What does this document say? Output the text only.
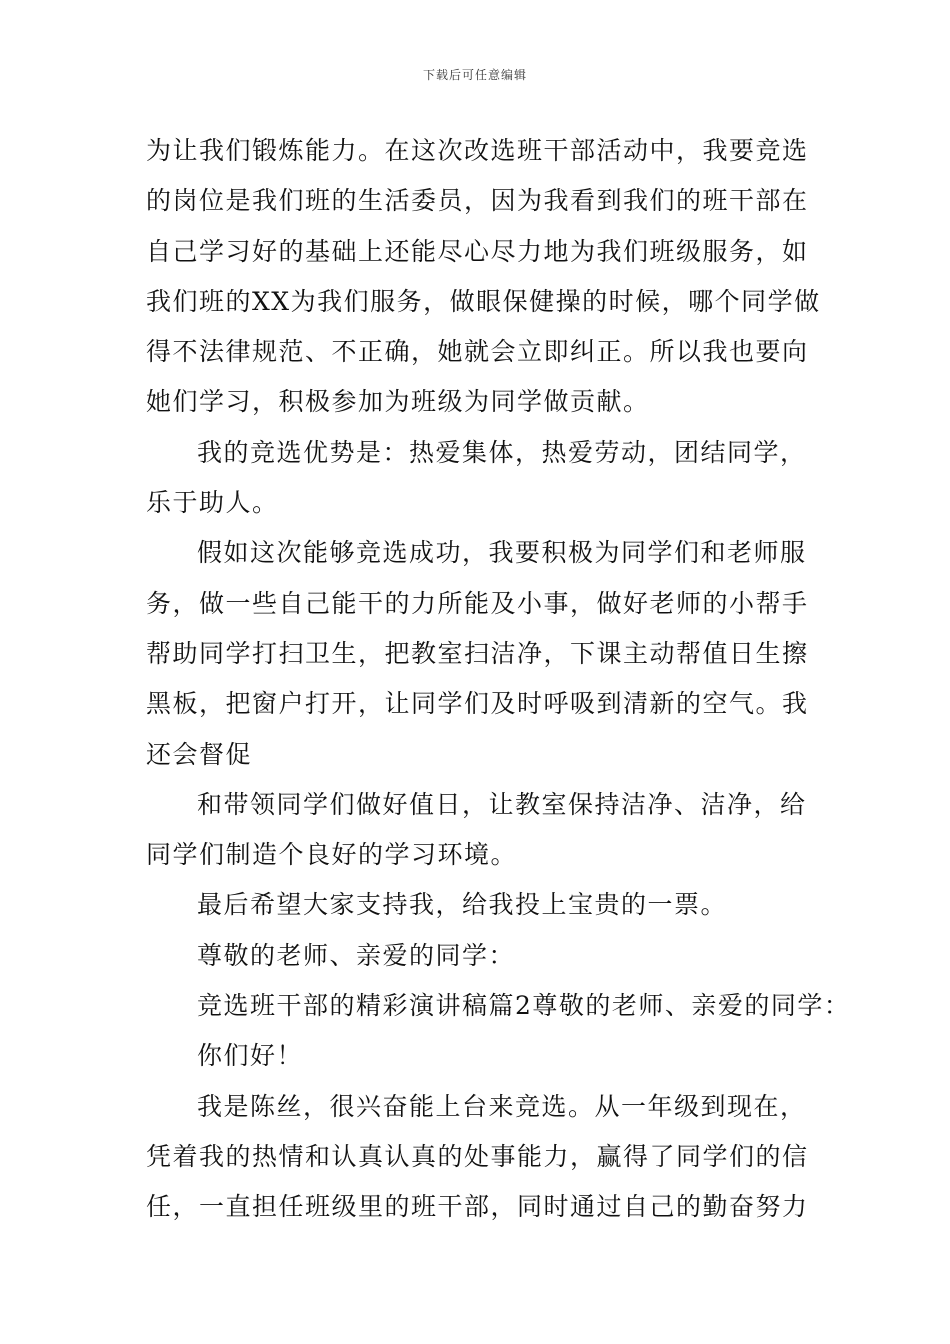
下载后可任意编辑
为让我们锻炼能力。在这次改选班干部活动中，我要竞选
的岗位是我们班的生活委员，因为我看到我们的班干部在
自己学习好的基础上还能尽心尽力地为我们班级服务，如
我们班的XX为我们服务，做眼保健操的时候，哪个同学做
得不法律规范、不正确，她就会立即纠正。所以我也要向
她们学习，积极参加为班级为同学做贡献。
我的竞选优势是：热爱集体，热爱劳动，团结同学，
乐于助人。
假如这次能够竞选成功，我要积极为同学们和老师服
务，做一些自己能干的力所能及小事，做好老师的小帮手
帮助同学打扫卫生，把教室扫洁净，下课主动帮值日生擦
黑板，把窗户打开，让同学们及时呼吸到清新的空气。我
还会督促
和带领同学们做好值日，让教室保持洁净、洁净，给
同学们制造个良好的学习环境。
最后希望大家支持我，给我投上宝贵的一票。
尊敬的老师、亲爱的同学：
竞选班干部的精彩演讲稿篇2尊敬的老师、亲爱的同学：
你们好！
我是陈丝，很兴奋能上台来竞选。从一年级到现在，
凭着我的热情和认真认真的处事能力，赢得了同学们的信
任，一直担任班级里的班干部，同时通过自己的勤奋努力
